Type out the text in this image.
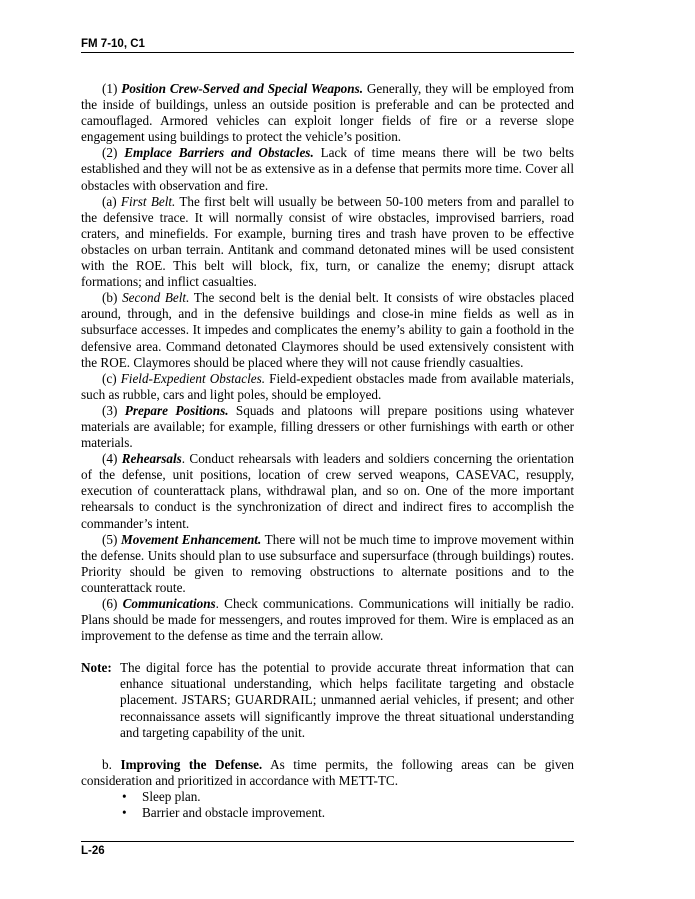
FM 7-10, C1

(1) Position Crew-Served and Special Weapons. Generally, they will be employed from the inside of buildings, unless an outside position is preferable and can be protected and camouflaged. Armored vehicles can exploit longer fields of fire or a reverse slope engagement using buildings to protect the vehicle’s position.

(2) Emplace Barriers and Obstacles. Lack of time means there will be two belts established and they will not be as extensive as in a defense that permits more time. Cover all obstacles with observation and fire.

(a) First Belt. The first belt will usually be between 50-100 meters from and parallel to the defensive trace. It will normally consist of wire obstacles, improvised barriers, road craters, and minefields. For example, burning tires and trash have proven to be effective obstacles on urban terrain. Antitank and command detonated mines will be used consistent with the ROE. This belt will block, fix, turn, or canalize the enemy; disrupt attack formations; and inflict casualties.

(b) Second Belt. The second belt is the denial belt. It consists of wire obstacles placed around, through, and in the defensive buildings and close-in mine fields as well as in subsurface accesses. It impedes and complicates the enemy’s ability to gain a foothold in the defensive area. Command detonated Claymores should be used extensively consistent with the ROE. Claymores should be placed where they will not cause friendly casualties.

(c) Field-Expedient Obstacles. Field-expedient obstacles made from available materials, such as rubble, cars and light poles, should be employed.

(3) Prepare Positions. Squads and platoons will prepare positions using whatever materials are available; for example, filling dressers or other furnishings with earth or other materials.

(4) Rehearsals. Conduct rehearsals with leaders and soldiers concerning the orientation of the defense, unit positions, location of crew served weapons, CASEVAC, resupply, execution of counterattack plans, withdrawal plan, and so on. One of the more important rehearsals to conduct is the synchronization of direct and indirect fires to accomplish the commander’s intent.

(5) Movement Enhancement. There will not be much time to improve movement within the defense. Units should plan to use subsurface and supersurface (through buildings) routes. Priority should be given to removing obstructions to alternate positions and to the counterattack route.

(6) Communications. Check communications. Communications will initially be radio. Plans should be made for messengers, and routes improved for them. Wire is emplaced as an improvement to the defense as time and the terrain allow.

Note: The digital force has the potential to provide accurate threat information that can enhance situational understanding, which helps facilitate targeting and obstacle placement. JSTARS; GUARDRAIL; unmanned aerial vehicles, if present; and other reconnaissance assets will significantly improve the threat situational understanding and targeting capability of the unit.

b. Improving the Defense. As time permits, the following areas can be given consideration and prioritized in accordance with METT-TC.

•	Sleep plan.
•	Barrier and obstacle improvement.
L-26
